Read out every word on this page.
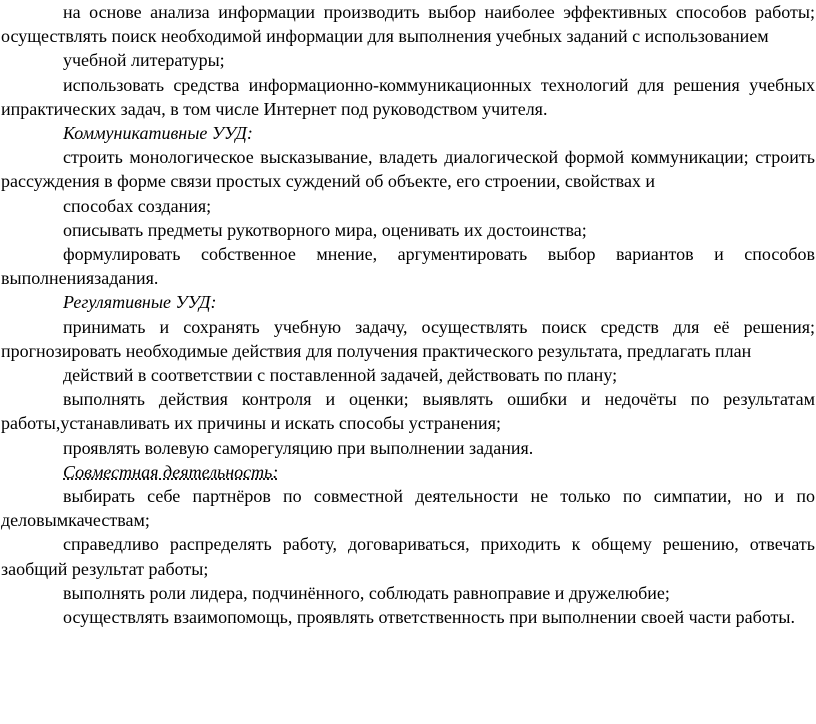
на основе анализа информации производить выбор наиболее эффективных способов работы; осуществлять поиск необходимой информации для выполнения учебных заданий с использованием

учебной литературы;

использовать средства информационно-коммуникационных технологий для решения учебных ипрактических задач, в том числе Интернет под руководством учителя.

Коммуникативные УУД:

строить монологическое высказывание, владеть диалогической формой коммуникации; строить рассуждения в форме связи простых суждений об объекте, его строении, свойствах и

способах создания;

описывать предметы рукотворного мира, оценивать их достоинства;

формулировать собственное мнение, аргументировать выбор вариантов и способов выполнениязадания.

Регулятивные УУД:

принимать и сохранять учебную задачу, осуществлять поиск средств для её решения; прогнозировать необходимые действия для получения практического результата, предлагать план

действий в соответствии с поставленной задачей, действовать по плану;

выполнять действия контроля и оценки; выявлять ошибки и недочёты по результатам работы,устанавливать их причины и искать способы устранения;

проявлять волевую саморегуляцию при выполнении задания.

Совместная деятельность:

выбирать себе партнёров по совместной деятельности не только по симпатии, но и по деловымкачествам;

справедливо распределять работу, договариваться, приходить к общему решению, отвечать заобщий результат работы;

выполнять роли лидера, подчинённого, соблюдать равноправие и дружелюбие;

осуществлять взаимопомощь, проявлять ответственность при выполнении своей части работы.
